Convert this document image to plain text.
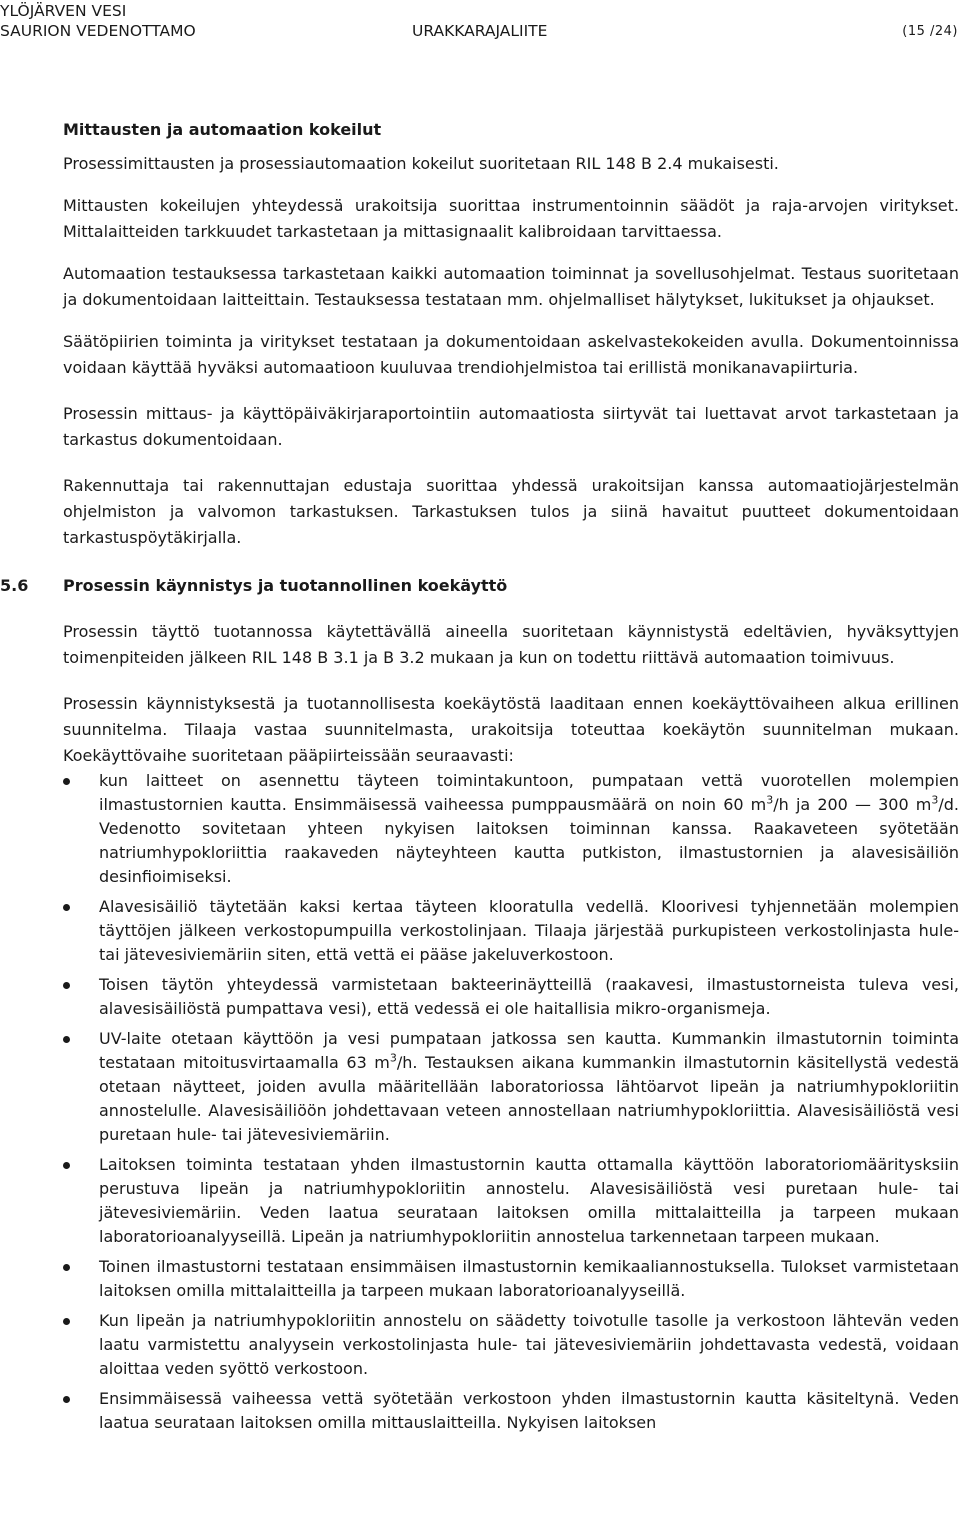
YLÖJÄRVEN VESI
SAURION VEDENOTTAMO	URAKKARAJALIITE	(15 /24)
Mittausten ja automaation kokeilut

Prosessimittausten ja prosessiautomaation kokeilut suoritetaan RIL 148 B 2.4 mukaisesti.

Mittausten kokeilujen yhteydessä urakoitsija suorittaa instrumentoinnin säädöt ja raja-arvojen viritykset. Mittalaitteiden tarkkuudet tarkastetaan ja mittasignaalit kalibroidaan tarvittaessa.

Automaation testauksessa tarkastetaan kaikki automaation toiminnat ja sovellusohjelmat. Testaus suoritetaan ja dokumentoidaan laitteittain. Testauksessa testataan mm. ohjelmalliset hälytykset, lukitukset ja ohjaukset.

Säätöpiirien toiminta ja viritykset testataan ja dokumentoidaan askelvastekokeiden avulla. Dokumentoinnissa voidaan käyttää hyväksi automaatioon kuuluvaa trendiohjelmistoa tai erillistä monikanavapiirturia.

Prosessin mittaus- ja käyttöpäiväkirjaraportointiin automaatiosta siirtyvät tai luettavat arvot tarkastetaan ja tarkastus dokumentoidaan.

Rakennuttaja tai rakennuttajan edustaja suorittaa yhdessä urakoitsijan kanssa automaatiojärjestelmän ohjelmiston ja valvomon tarkastuksen. Tarkastuksen tulos ja siinä havaitut puutteet dokumentoidaan tarkastuspöytäkirjalla.

5.6 Prosessin käynnistys ja tuotannollinen koekäyttö

Prosessin täyttö tuotannossa käytettävällä aineella suoritetaan käynnistystä edeltävien, hyväksyttyjen toimenpiteiden jälkeen RIL 148 B 3.1 ja B 3.2 mukaan ja kun on todettu riittävä automaation toimivuus.

Prosessin käynnistyksestä ja tuotannollisesta koekäytöstä laaditaan ennen koekäyttövaiheen alkua erillinen suunnitelma. Tilaaja vastaa suunnitelmasta, urakoitsija toteuttaa koekäytön suunnitelman mukaan. Koekäyttövaihe suoritetaan pääpiirteissään seuraavasti:

kun laitteet on asennettu täyteen toimintakuntoon, pumpataan vettä vuorotellen molempien ilmastustornien kautta. Ensimmäisessä vaiheessa pumppausmäärä on noin 60 $m^3/h$ ja 200 — 300 $m^3/d$. Vedenotto sovitetaan yhteen nykyisen laitoksen toiminnan kanssa. Raakaveteen syötetään natriumhypokloriittia raakaveden näyteyhteen kautta putkiston, ilmastustornien ja alavesisäiliön desinfioimiseksi.
Alavesisäiliö täytetään kaksi kertaa täyteen klooratulla vedellä. Kloorivesi tyhjennetään molempien täyttöjen jälkeen verkostopumpuilla verkostolinjaan. Tilaaja järjestää purkupisteen verkostolinjasta hule- tai jätevesiviemäriin siten, että vettä ei pääse jakeluverkostoon.
Toisen täytön yhteydessä varmistetaan bakteerinäytteillä (raakavesi, ilmastustorneista tuleva vesi, alavesisäiliöstä pumpattava vesi), että vedessä ei ole haitallisia mikro-organismeja.
UV-laite otetaan käyttöön ja vesi pumpataan jatkossa sen kautta. Kummankin ilmastutornin toiminta testataan mitoitusvirtaamalla 63 $m^3/h$. Testauksen aikana kummankin ilmastutornin käsitellystä vedestä otetaan näytteet, joiden avulla määritellään laboratoriossa lähtöarvot lipeän ja natriumhypokloriitin annostelulle. Alavesisäiliöön johdettavaan veteen annostellaan natriumhypokloriittia. Alavesisäiliöstä vesi puretaan hule- tai jätevesiviemäriin.
Laitoksen toiminta testataan yhden ilmastustornin kautta ottamalla käyttöön laboratoriomääritysksiin perustuva lipeän ja natriumhypokloriitin annostelu. Alavesisäiliöstä vesi puretaan hule- tai jätevesiviemäriin. Veden laatua seurataan laitoksen omilla mittalaitteilla ja tarpeen mukaan laboratorioanalyyseillä. Lipeän ja natriumhypokloriitin annostelua tarkennetaan tarpeen mukaan.
Toinen ilmastustorni testataan ensimmäisen ilmastustornin kemikaaliannostuksella. Tulokset varmistetaan laitoksen omilla mittalaitteilla ja tarpeen mukaan laboratorioanalyyseillä.
Kun lipeän ja natriumhypokloriitin annostelu on säädetty toivotulle tasolle ja verkostoon lähtevän veden laatu varmistettu analyysein verkostolinjasta hule- tai jätevesiviemäriin johdettavasta vedestä, voidaan aloittaa veden syöttö verkostoon.
Ensimmäisessä vaiheessa vettä syötetään verkostoon yhden ilmastustornin kautta käsiteltynä. Veden laatua seurataan laitoksen omilla mittauslaitteilla. Nykyisen laitoksen
